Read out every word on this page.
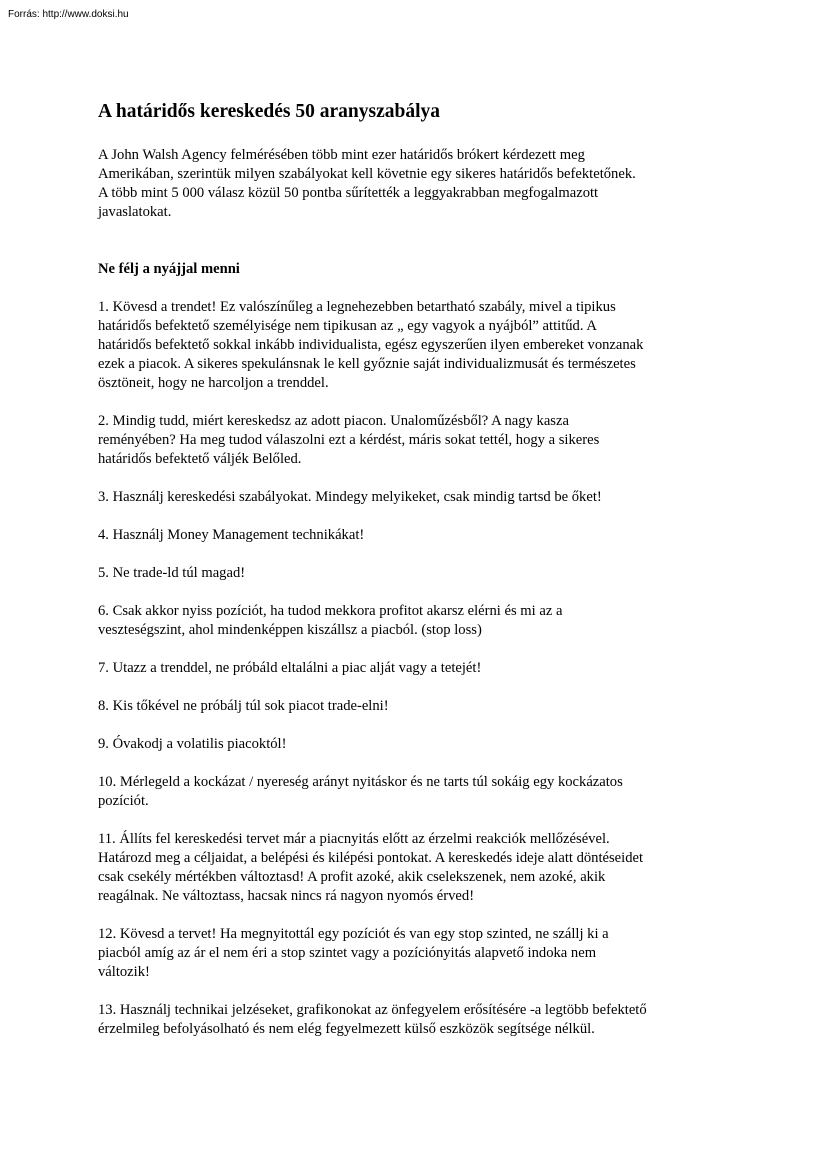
Forrás: http://www.doksi.hu

A határidős kereskedés 50 aranyszabálya

A John Walsh Agency felmérésében több mint ezer határidős brókert kérdezett meg
Amerikában, szerintük milyen szabályokat kell követnie egy sikeres határidős befektetőnek.
A több mint 5 000 válasz közül 50 pontba sűrítették a leggyakrabban megfogalmazott
javaslatokat.

Ne félj a nyájjal menni

1. Kövesd a trendet! Ez valószínűleg a legnehezebben betartható szabály, mivel a tipikus
határidős befektető személyisége nem tipikusan az „ egy vagyok a nyájból” attitűd. A
határidős befektető sokkal inkább individualista, egész egyszerűen ilyen embereket vonzanak
ezek a piacok. A sikeres spekulánsnak le kell győznie saját individualizmusát és természetes
ösztöneit, hogy ne harcoljon a trenddel.

2. Mindig tudd, miért kereskedsz az adott piacon. Unaloműzésből? A nagy kasza
reményében? Ha meg tudod válaszolni ezt a kérdést, máris sokat tettél, hogy a sikeres
határidős befektető váljék Belőled.

3. Használj kereskedési szabályokat. Mindegy melyikeket, csak mindig tartsd be őket!

4. Használj Money Management technikákat!

5. Ne trade-ld túl magad!

6. Csak akkor nyiss pozíciót, ha tudod mekkora profitot akarsz elérni és mi az a
veszteségszint, ahol mindenképpen kiszállsz a piacból. (stop loss)

7. Utazz a trenddel, ne próbáld eltalálni a piac alját vagy a tetejét!

8. Kis tőkével ne próbálj túl sok piacot trade-elni!

9. Óvakodj a volatilis piacoktól!

10. Mérlegeld a kockázat / nyereség arányt nyitáskor és ne tarts túl sokáig egy kockázatos
pozíciót.

11. Állíts fel kereskedési tervet már a piacnyitás előtt az érzelmi reakciók mellőzésével.
Határozd meg a céljaidat, a belépési és kilépési pontokat. A kereskedés ideje alatt döntéseidet
csak csekély mértékben változtasd! A profit azoké, akik cselekszenek, nem azoké, akik
reagálnak. Ne változtass, hacsak nincs rá nagyon nyomós érved!

12. Kövesd a tervet! Ha megnyitottál egy pozíciót és van egy stop szinted, ne szállj ki a
piacból amíg az ár el nem éri a stop szintet vagy a pozíciónyitás alapvető indoka nem
változik!

13. Használj technikai jelzéseket, grafikonokat az önfegyelem erősítésére -a legtöbb befektető
érzelmileg befolyásolható és nem elég fegyelmezett külső eszközök segítsége nélkül.
